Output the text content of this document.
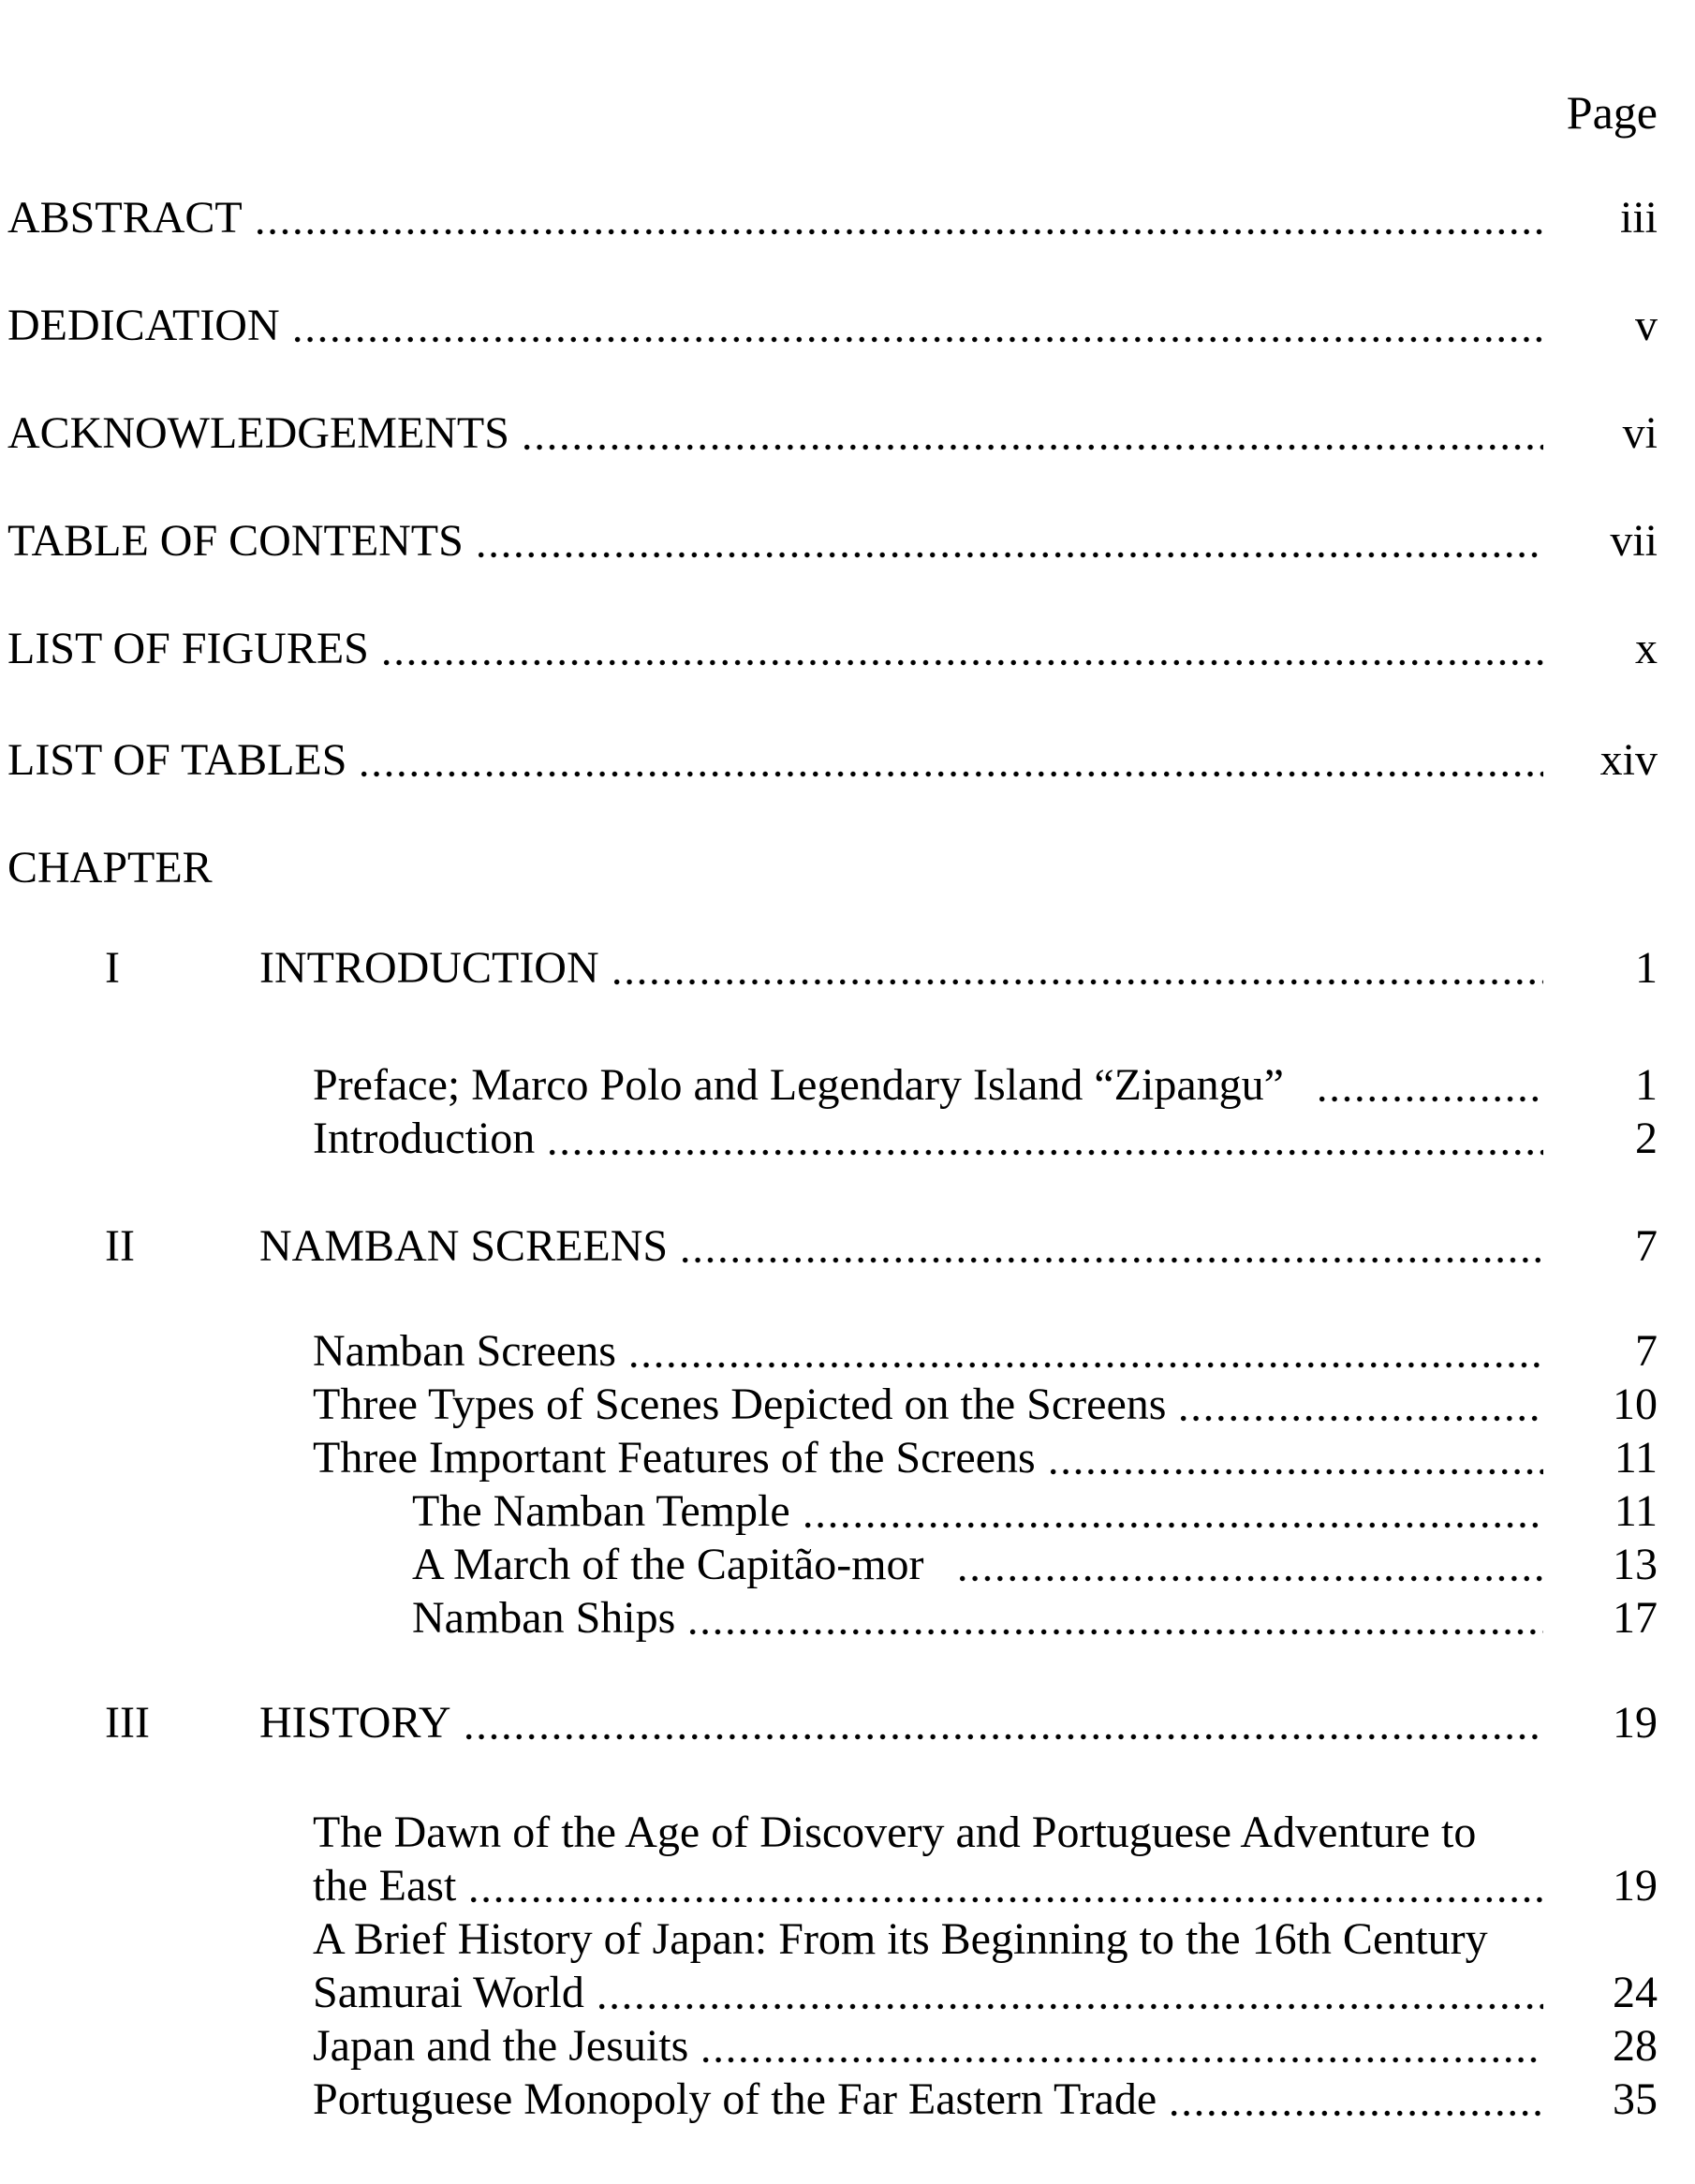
Page
ABSTRACT	iii
DEDICATION	v
ACKNOWLEDGEMENTS	vi
TABLE OF CONTENTS	vii
LIST OF FIGURES	x
LIST OF TABLES	xiv
CHAPTER
I	INTRODUCTION	1
Preface; Marco Polo and Legendary Island “Zipangu”	1
Introduction	2
II	NAMBAN SCREENS	7
Namban Screens	7
Three Types of Scenes Depicted on the Screens	10
Three Important Features of the Screens	11
The Namban Temple	11
A March of the Capitão-mor	13
Namban Ships	17
III	HISTORY	19
The Dawn of the Age of Discovery and Portuguese Adventure to
the East	19
A Brief History of Japan: From its Beginning to the 16th Century
Samurai World	24
Japan and the Jesuits	28
Portuguese Monopoly of the Far Eastern Trade	35
